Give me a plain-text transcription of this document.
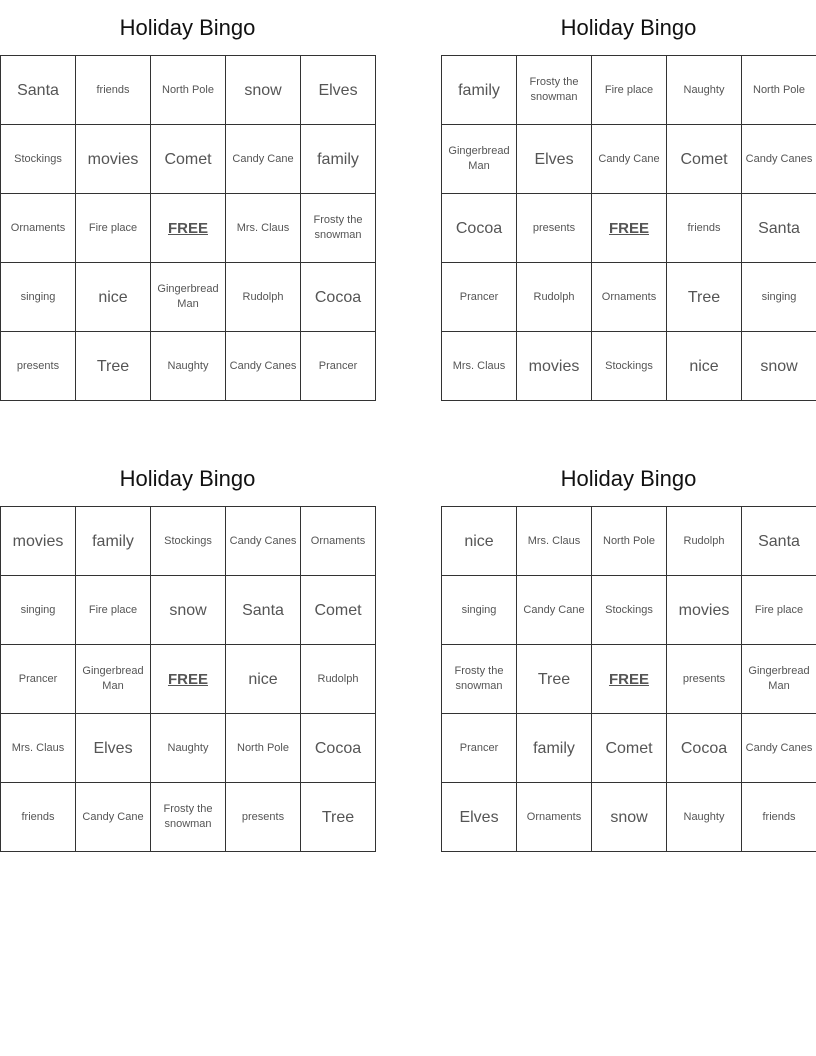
Holiday Bingo
Santa	friends	North Pole	snow	Elves
Stockings	movies	Comet	Candy Cane	family
Ornaments	Fire place	FREE	Mrs. Claus	Frosty the snowman
singing	nice	Gingerbread Man	Rudolph	Cocoa
presents	Tree	Naughty	Candy Canes	Prancer
Holiday Bingo
family	Frosty the snowman	Fire place	Naughty	North Pole
Gingerbread Man	Elves	Candy Cane	Comet	Candy Canes
Cocoa	presents	FREE	friends	Santa
Prancer	Rudolph	Ornaments	Tree	singing
Mrs. Claus	movies	Stockings	nice	snow
Holiday Bingo
movies	family	Stockings	Candy Canes	Ornaments
singing	Fire place	snow	Santa	Comet
Prancer	Gingerbread Man	FREE	nice	Rudolph
Mrs. Claus	Elves	Naughty	North Pole	Cocoa
friends	Candy Cane	Frosty the snowman	presents	Tree
Holiday Bingo
nice	Mrs. Claus	North Pole	Rudolph	Santa
singing	Candy Cane	Stockings	movies	Fire place
Frosty the snowman	Tree	FREE	presents	Gingerbread Man
Prancer	family	Comet	Cocoa	Candy Canes
Elves	Ornaments	snow	Naughty	friends
